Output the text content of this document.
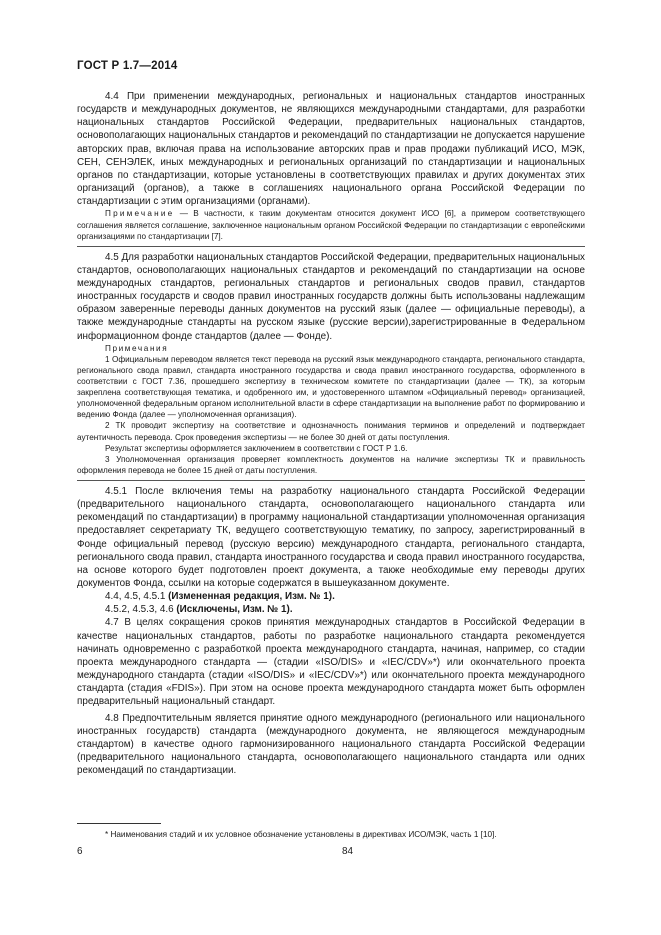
ГОСТ Р 1.7—2014

4.4 При применении международных, региональных и национальных стандартов иностранных государств и международных документов, не являющихся международными стандартами, для разработки национальных стандартов Российской Федерации, предварительных национальных стандартов, основополагающих национальных стандартов и рекомендаций по стандартизации не допускается нарушение авторских прав, включая права на использование авторских прав и прав продажи публикаций ИСО, МЭК, СЕН, СЕНЭЛЕК, иных международных и региональных организаций по стандартизации и национальных органов по стандартизации, которые установлены в соответствующих правилах и других документах этих организаций (органов), а также в соглашениях национального органа Российской Федерации по стандартизации с этим организациями (органами).

Примечание — В частности, к таким документам относится документ ИСО [6], а примером соответствующего соглашения является соглашение, заключенное национальным органом Российской Федерации по стандартизации с европейскими организациями по стандартизации [7].

4.5 Для разработки национальных стандартов Российской Федерации, предварительных национальных стандартов, основополагающих национальных стандартов и рекомендаций по стандартизации на основе международных стандартов, региональных стандартов и региональных сводов правил, стандартов иностранных государств и сводов правил иностранных государств должны быть использованы надлежащим образом заверенные переводы данных документов на русский язык (далее — официальные переводы), а также международные стандарты на русском языке (русские версии),зарегистрированные в Федеральном информационном фонде стандартов (далее — Фонде).

Примечания

1 Официальным переводом является текст перевода на русский язык международного стандарта, регионального стандарта, регионального свода правил, стандарта иностранного государства и свода правил иностранного государства, оформленного в соответствии с ГОСТ 7.36, прошедшего экспертизу в техническом комитете по стандартизации (далее — ТК), за которым закреплена соответствующая тематика, и одобренного им, и удостоверенного штампом «Официальный перевод» организацией, уполномоченной федеральным органом исполнительной власти в сфере стандартизации на выполнение работ по формированию и ведению Фонда (далее — уполномоченная организация).

2 ТК проводит экспертизу на соответствие и однозначность понимания терминов и определений и подтверждает аутентичность перевода. Срок проведения экспертизы — не более 30 дней от даты поступления.

Результат экспертизы оформляется заключением в соответствии с ГОСТ Р 1.6.

3 Уполномоченная организация проверяет комплектность документов на наличие экспертизы ТК и правильность оформления перевода не более 15 дней от даты поступления.

4.5.1 После включения темы на разработку национального стандарта Российской Федерации (предварительного национального стандарта, основополагающего национального стандарта или рекомендаций по стандартизации) в программу национальной стандартизации уполномоченная организация предоставляет секретариату ТК, ведущего соответствующую тематику, по запросу, зарегистрированный в Фонде официальный перевод (русскую версию) международного стандарта, регионального стандарта, регионального свода правил, стандарта иностранного государства и свода правил иностранного государства, на основе которого будет подготовлен проект документа, а также необходимые ему переводы других документов Фонда, ссылки на которые содержатся в вышеуказанном документе.

4.4, 4.5, 4.5.1 (Измененная редакция, Изм. № 1).

4.5.2, 4.5.3, 4.6 (Исключены, Изм. № 1).

4.7 В целях сокращения сроков принятия международных стандартов в Российской Федерации в качестве национальных стандартов, работы по разработке национального стандарта рекомендуется начинать одновременно с разработкой проекта международного стандарта, начиная, например, со стадии проекта международного стандарта — (стадии «ISO/DIS» и «IEC/CDV»*) или окончательного проекта международного стандарта (стадии «ISO/DIS» и «IEC/CDV»*) или окончательного проекта международного стандарта (стадия «FDIS»). При этом на основе проекта международного стандарта может быть оформлен предварительный национальный стандарт.

4.8 Предпочтительным является принятие одного международного (регионального или национального иностранных государств) стандарта (международного документа, не являющегося международным стандартом) в качестве одного гармонизированного национального стандарта Российской Федерации (предварительного национального стандарта, основополагающего национального стандарта или одних рекомендаций по стандартизации.

* Наименования стадий и их условное обозначение установлены в директивах ИСО/МЭК, часть 1 [10].
6	84
